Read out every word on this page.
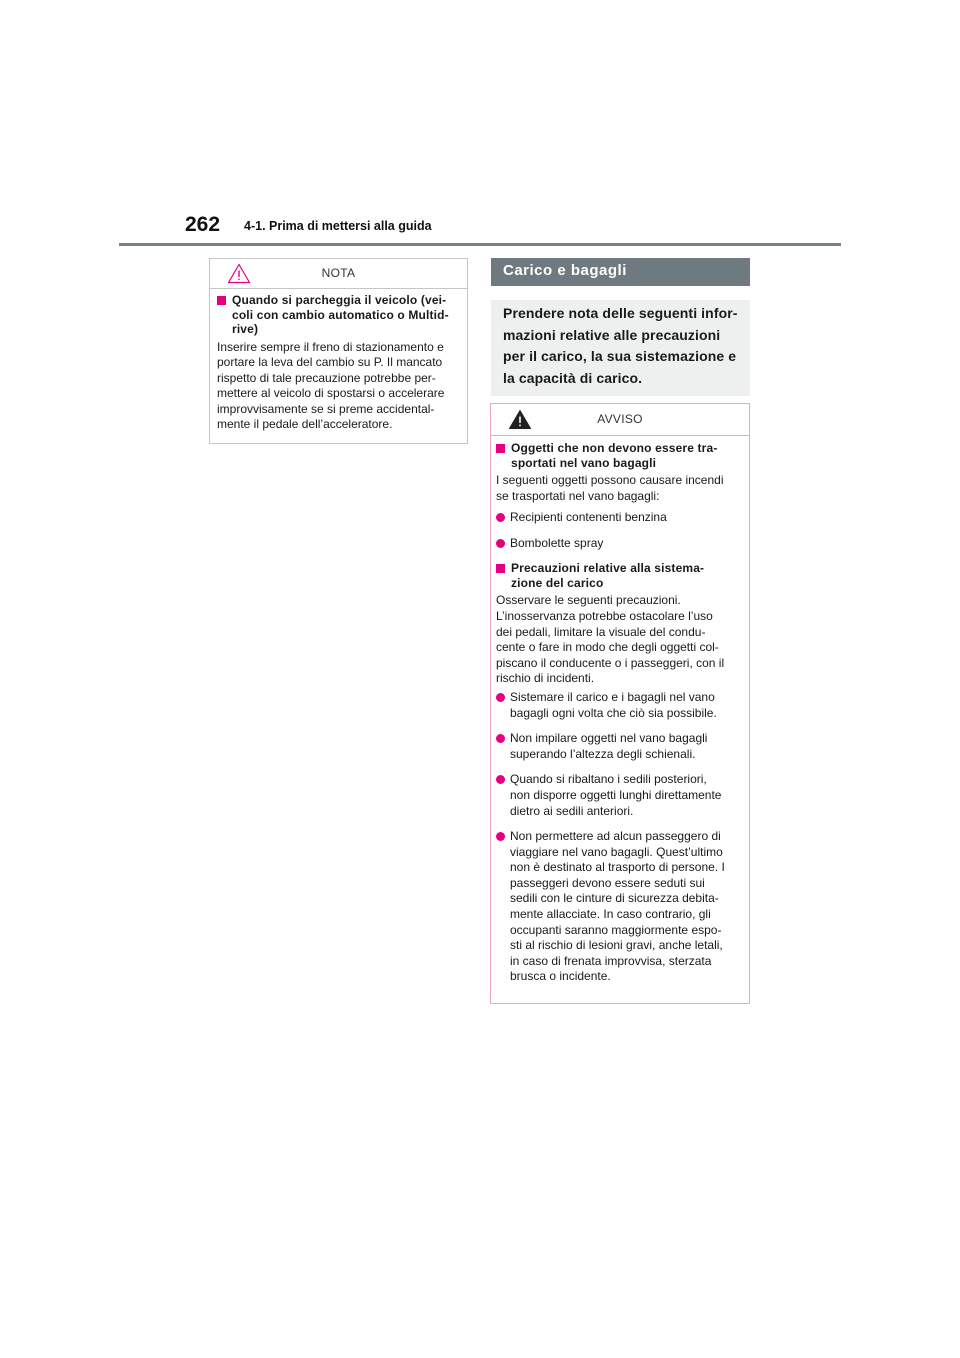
262 4-1. Prima di mettersi alla guida
NOTA
Quando si parcheggia il veicolo (vei-
coli con cambio automatico o Multid-
rive)
Inserire sempre il freno di stazionamento e
portare la leva del cambio su P. Il mancato
rispetto di tale precauzione potrebbe per-
mettere al veicolo di spostarsi o accelerare
improvvisamente se si preme accidental-
mente il pedale dell’acceleratore.
Carico e bagagli
Prendere nota delle seguenti infor-
mazioni relative alle precauzioni
per il carico, la sua sistemazione e
la capacità di carico.
AVVISO
Oggetti che non devono essere tra-
sportati nel vano bagagli
I seguenti oggetti possono causare incendi
se trasportati nel vano bagagli:
Recipienti contenenti benzina
Bombolette spray
Precauzioni relative alla sistema-
zione del carico
Osservare le seguenti precauzioni.
L’inosservanza potrebbe ostacolare l’uso
dei pedali, limitare la visuale del condu-
cente o fare in modo che degli oggetti col-
piscano il conducente o i passeggeri, con il
rischio di incidenti.
Sistemare il carico e i bagagli nel vano
bagagli ogni volta che ciò sia possibile.
Non impilare oggetti nel vano bagagli
superando l’altezza degli schienali.
Quando si ribaltano i sedili posteriori,
non disporre oggetti lunghi direttamente
dietro ai sedili anteriori.
Non permettere ad alcun passeggero di
viaggiare nel vano bagagli. Quest’ultimo
non è destinato al trasporto di persone. I
passeggeri devono essere seduti sui
sedili con le cinture di sicurezza debita-
mente allacciate. In caso contrario, gli
occupanti saranno maggiormente espo-
sti al rischio di lesioni gravi, anche letali,
in caso di frenata improvvisa, sterzata
brusca o incidente.
